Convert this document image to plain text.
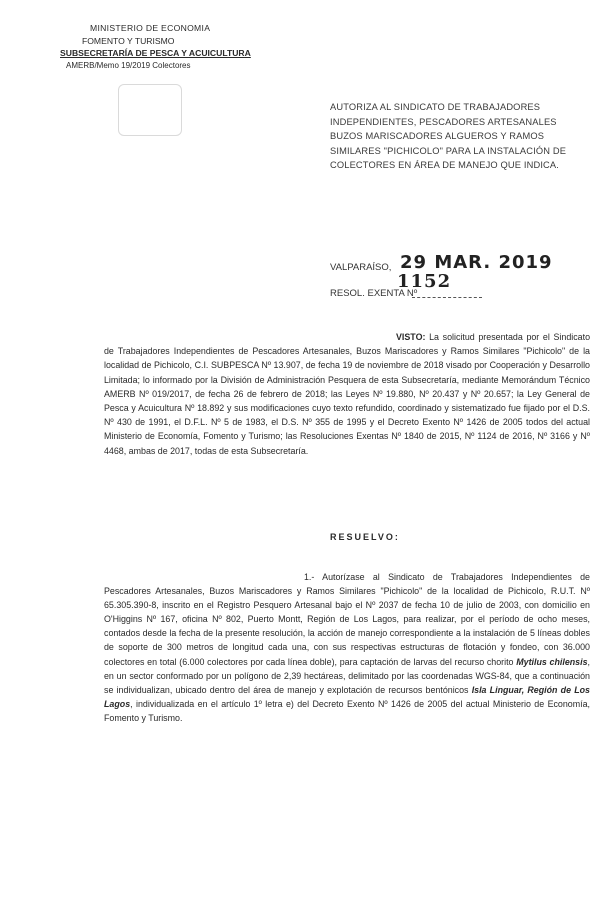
MINISTERIO DE ECONOMIA
FOMENTO Y TURISMO
SUBSECRETARÍA DE PESCA Y ACUICULTURA
AMERB/Memo 19/2019 Colectores
AUTORIZA AL SINDICATO DE TRABAJADORES INDEPENDIENTES, PESCADORES ARTESANALES BUZOS MARISCADORES ALGUEROS Y RAMOS SIMILARES "PICHICOLO" PARA LA INSTALACIÓN DE COLECTORES EN ÁREA DE MANEJO QUE INDICA.
VALPARAÍSO, 29 MAR. 2019
RESOL. EXENTA Nº
1152
VISTO: La solicitud presentada por el Sindicato de Trabajadores Independientes de Pescadores Artesanales, Buzos Mariscadores y Ramos Similares "Pichicolo" de la localidad de Pichicolo, C.I. SUBPESCA Nº 13.907, de fecha 19 de noviembre de 2018 visado por Cooperación y Desarrollo Limitada; lo informado por la División de Administración Pesquera de esta Subsecretaría, mediante Memorándum Técnico AMERB Nº 019/2017, de fecha 26 de febrero de 2018; las Leyes Nº 19.880, Nº 20.437 y Nº 20.657; la Ley General de Pesca y Acuicultura Nº 18.892 y sus modificaciones cuyo texto refundido, coordinado y sistematizado fue fijado por el D.S. Nº 430 de 1991, el D.F.L. Nº 5 de 1983, el D.S. Nº 355 de 1995 y el Decreto Exento Nº 1426 de 2005 todos del actual Ministerio de Economía, Fomento y Turismo; las Resoluciones Exentas Nº 1840 de 2015, Nº 1124 de 2016, Nº 3166 y Nº 4468, ambas de 2017, todas de esta Subsecretaría.
RESUELVO:
1.- Autorízase al Sindicato de Trabajadores Independientes de Pescadores Artesanales, Buzos Mariscadores y Ramos Similares "Pichicolo" de la localidad de Pichicolo, R.U.T. Nº 65.305.390-8, inscrito en el Registro Pesquero Artesanal bajo el Nº 2037 de fecha 10 de julio de 2003, con domicilio en O'Higgins Nº 167, oficina Nº 802, Puerto Montt, Región de Los Lagos, para realizar, por el período de ocho meses, contados desde la fecha de la presente resolución, la acción de manejo correspondiente a la instalación de 5 líneas dobles de soporte de 300 metros de longitud cada una, con sus respectivas estructuras de flotación y fondeo, con 36.000 colectores en total (6.000 colectores por cada línea doble), para captación de larvas del recurso chorito Mytilus chilensis, en un sector conformado por un polígono de 2,39 hectáreas, delimitado por las coordenadas WGS-84, que a continuación se individualizan, ubicado dentro del área de manejo y explotación de recursos bentónicos Isla Linguar, Región de Los Lagos, individualizada en el artículo 1º letra e) del Decreto Exento Nº 1426 de 2005 del actual Ministerio de Economía, Fomento y Turismo.
